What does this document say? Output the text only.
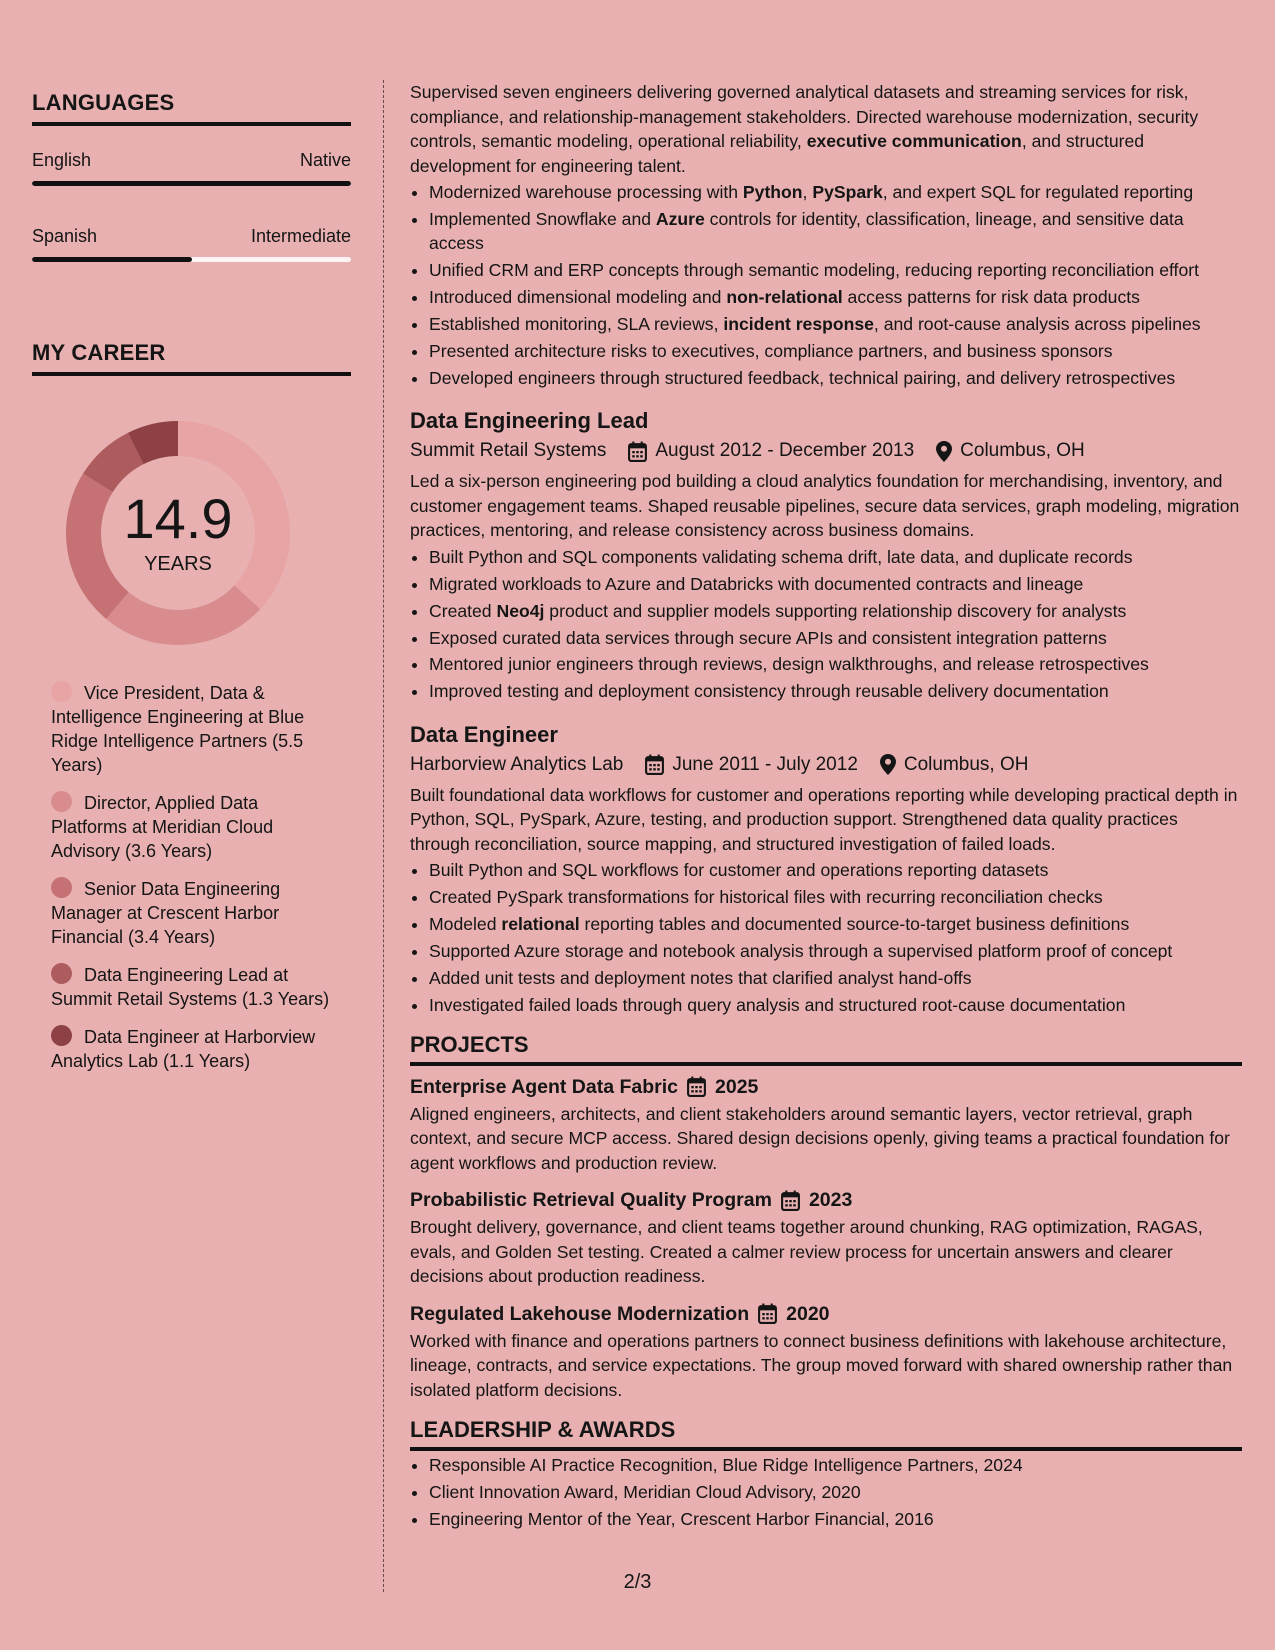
LANGUAGES
English	Native
Spanish	Intermediate
MY CAREER
14.9
YEARS
Vice President, Data & Intelligence Engineering at Blue Ridge Intelligence Partners (5.5 Years)
Director, Applied Data Platforms at Meridian Cloud Advisory (3.6 Years)
Senior Data Engineering Manager at Crescent Harbor Financial (3.4 Years)
Data Engineering Lead at Summit Retail Systems (1.3 Years)
Data Engineer at Harborview Analytics Lab (1.1 Years)

Supervised seven engineers delivering governed analytical datasets and streaming services for risk, compliance, and relationship-management stakeholders. Directed warehouse modernization, security controls, semantic modeling, operational reliability, executive communication, and structured development for engineering talent.

• Modernized warehouse processing with Python, PySpark, and expert SQL for regulated reporting
• Implemented Snowflake and Azure controls for identity, classification, lineage, and sensitive data access
• Unified CRM and ERP concepts through semantic modeling, reducing reporting reconciliation effort
• Introduced dimensional modeling and non-relational access patterns for risk data products
• Established monitoring, SLA reviews, incident response, and root-cause analysis across pipelines
• Presented architecture risks to executives, compliance partners, and business sponsors
• Developed engineers through structured feedback, technical pairing, and delivery retrospectives
Data Engineering Lead
Summit Retail Systems	August 2012 - December 2013 Columbus, OH

Led a six-person engineering pod building a cloud analytics foundation for merchandising, inventory, and customer engagement teams. Shaped reusable pipelines, secure data services, graph modeling, migration practices, mentoring, and release consistency across business domains.

• Built Python and SQL components validating schema drift, late data, and duplicate records
• Migrated workloads to Azure and Databricks with documented contracts and lineage
• Created Neo4j product and supplier models supporting relationship discovery for analysts
• Exposed curated data services through secure APIs and consistent integration patterns
• Mentored junior engineers through reviews, design walkthroughs, and release retrospectives
• Improved testing and deployment consistency through reusable delivery documentation
Data Engineer
Harborview Analytics Lab	June 2011 - July 2012 Columbus, OH

Built foundational data workflows for customer and operations reporting while developing practical depth in Python, SQL, PySpark, Azure, testing, and production support. Strengthened data quality practices through reconciliation, source mapping, and structured investigation of failed loads.

• Built Python and SQL workflows for customer and operations reporting datasets
• Created PySpark transformations for historical files with recurring reconciliation checks
• Modeled relational reporting tables and documented source-to-target business definitions
• Supported Azure storage and notebook analysis through a supervised platform proof of concept
• Added unit tests and deployment notes that clarified analyst hand-offs
• Investigated failed loads through query analysis and structured root-cause documentation
PROJECTS
Enterprise Agent Data Fabric 2025

Aligned engineers, architects, and client stakeholders around semantic layers, vector retrieval, graph context, and secure MCP access. Shared design decisions openly, giving teams a practical foundation for agent workflows and production review.

Probabilistic Retrieval Quality Program 2023

Brought delivery, governance, and client teams together around chunking, RAG optimization, RAGAS, evals, and Golden Set testing. Created a calmer review process for uncertain answers and clearer decisions about production readiness.

Regulated Lakehouse Modernization 2020

Worked with finance and operations partners to connect business definitions with lakehouse architecture, lineage, contracts, and service expectations. The group moved forward with shared ownership rather than isolated platform decisions.

LEADERSHIP & AWARDS
• Responsible AI Practice Recognition, Blue Ridge Intelligence Partners, 2024
• Client Innovation Award, Meridian Cloud Advisory, 2020
• Engineering Mentor of the Year, Crescent Harbor Financial, 2016
2/3
